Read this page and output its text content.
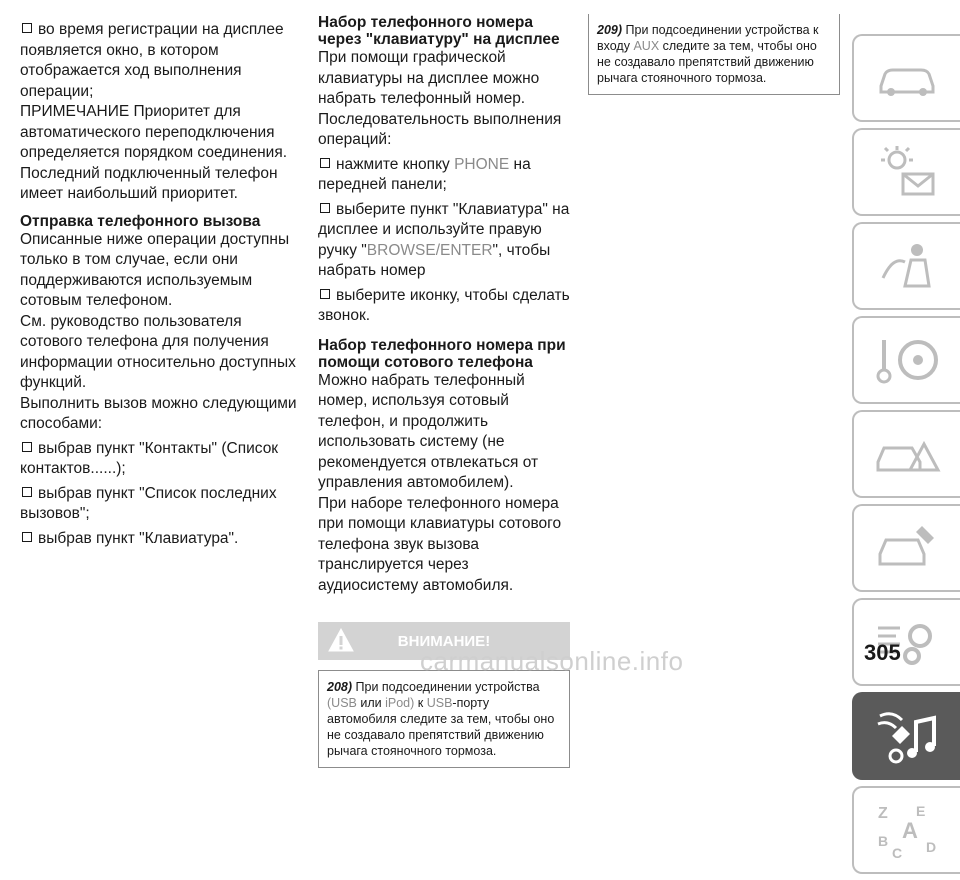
во время регистрации на дисплее появляется окно, в котором отображается ход выполнения операции;

ПРИМЕЧАНИЕ Приоритет для автоматического переподключения определяется порядком соединения. Последний подключенный телефон имеет наибольший приоритет.

Отправка телефонного вызова

Описанные ниже операции доступны только в том случае, если они поддерживаются используемым сотовым телефоном.

См. руководство пользователя сотового телефона для получения информации относительно доступных функций.

Выполнить вызов можно следующими способами:

выбрав пункт "Контакты" (Список контактов......);

выбрав пункт "Список последних вызовов";

выбрав пункт "Клавиатура".

Набор телефонного номера через "клавиатуру" на дисплее

При помощи графической клавиатуры на дисплее можно набрать телефонный номер. Последовательность выполнения операций:

нажмите кнопку PHONE на передней панели;

выберите пункт "Клавиатура" на дисплее и используйте правую ручку "BROWSE/ENTER", чтобы набрать номер

выберите иконку, чтобы сделать звонок.

Набор телефонного номера при помощи сотового телефона

Можно набрать телефонный номер, используя сотовый телефон, и продолжить использовать систему (не рекомендуется отвлекаться от управления автомобилем).

При наборе телефонного номера при помощи клавиатуры сотового телефона звук вызова транслируется через аудиосистему автомобиля.

ВНИМАНИЕ!
208) При подсоединении устройства (USB или iPod) к USB-порту автомобиля следите за тем, чтобы оно не создавало препятствий движению рычага стояночного тормоза.
209) При подсоединении устройства к входу AUX следите за тем, чтобы оно не создавало препятствий движению рычага стояночного тормоза.
Z E
A
B
C D
carmanualsonline.info	305
